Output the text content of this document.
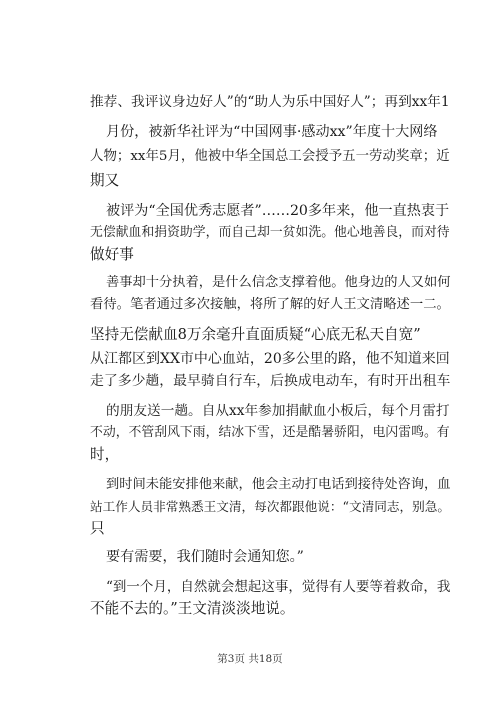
推荐、我评议身边好人”的“助人为乐中国好人”；再到xx年1
月份，被新华社评为“中国网事·感动xx”年度十大网络
人物；xx年5月，他被中华全国总工会授予五一劳动奖章；近
期又
被评为“全国优秀志愿者”……20多年来，他一直热衷于
无偿献血和捐资助学，而自己却一贫如洗。他心地善良，而对待
做好事
善事却十分执着，是什么信念支撑着他。他身边的人又如何
看待。笔者通过多次接触，将所了解的好人王文清略述一二。
坚持无偿献血8万余毫升直面质疑“心底无私天自宽”
从江都区到XX市中心血站，20多公里的路，他不知道来回
走了多少趟，最早骑自行车，后换成电动车，有时开出租车
的朋友送一趟。自从xx年参加捐献血小板后，每个月雷打
不动，不管刮风下雨，结冰下雪，还是酷暑骄阳，电闪雷鸣。有
时，
到时间未能安排他来献，他会主动打电话到接待处咨询，血
站工作人员非常熟悉王文清，每次都跟他说：“文清同志，别急。
只
要有需要，我们随时会通知您。”
“到一个月，自然就会想起这事，觉得有人要等着救命，我
不能不去的。”王文清淡淡地说。
第3页 共18页
